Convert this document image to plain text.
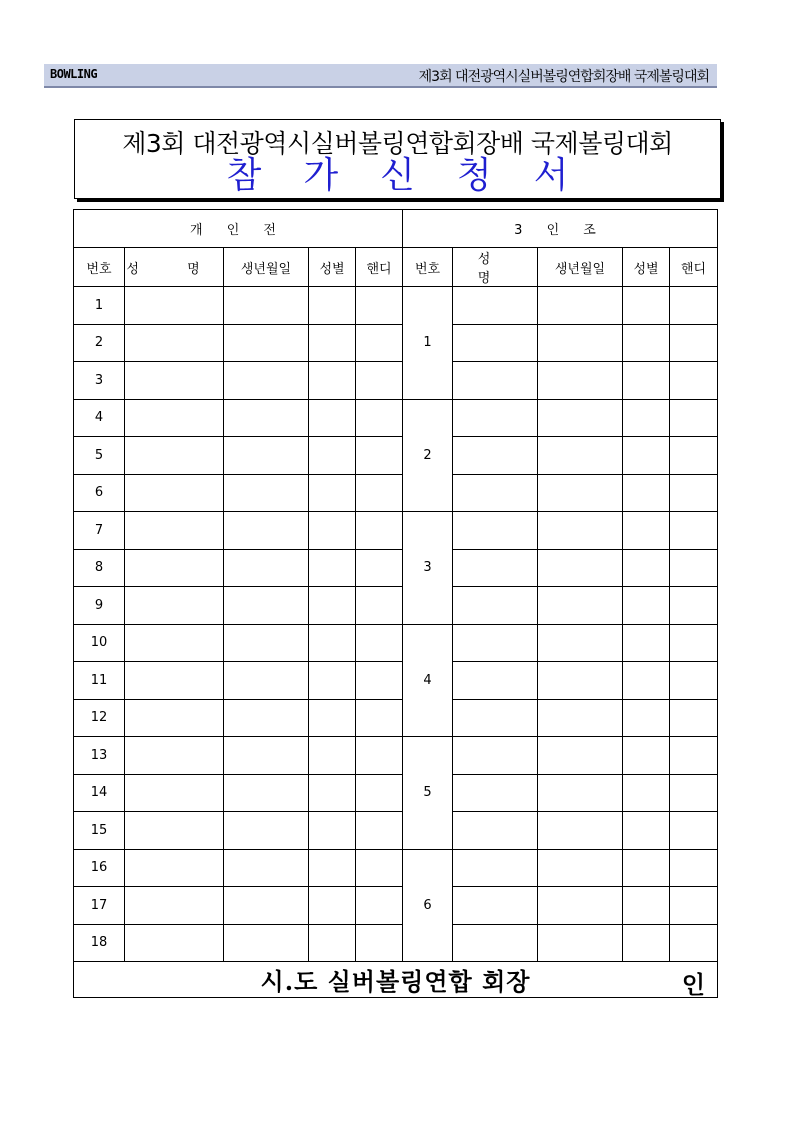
BOWLING	제3회 대전광역시실버볼링연합회장배 국제볼링대회
제3회 대전광역시실버볼링연합회장배 국제볼링대회
참가신청서
개 인 전					3 인 조				
번호	성 명	생년월일	성별	핸디	번호	성 명	생년월일	성별	핸디
1					1				
2									
3									
4					2				
5									
6									
7					3				
8									
9									
10					4				
11									
12									
13					5				
14									
15									
16					6				
17									
18									
시.도 실버볼링연합 회장 인									
